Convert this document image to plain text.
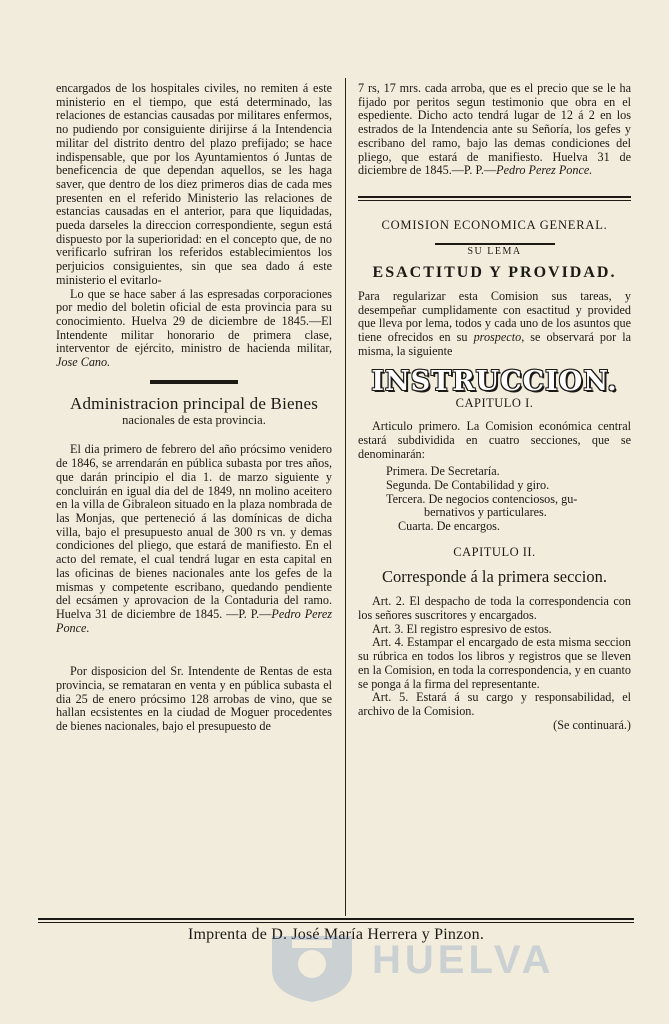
encargados de los hospitales civiles, no remiten á este ministerio en el tiempo, que está determinado, las relaciones de estancias causadas por militares enfermos, no pudiendo por consiguiente dirijirse á la Intendencia militar del distrito dentro del plazo prefijado; se hace indispensable, que por los Ayuntamientos ó Juntas de beneficencia de que dependan aquellos, se les haga saver, que dentro de los diez primeros dias de cada mes presenten en el referido Ministerio las relaciones de estancias causadas en el anterior, para que liquidadas, pueda darseles la direccion correspondiente, segun está dispuesto por la superioridad: en el concepto que, de no verificarlo sufriran los referidos establecimientos los perjuicios consiguientes, sin que sea dado á este ministerio el evitarlo-

Lo que se hace saber á las espresadas corporaciones por medio del boletin oficial de esta provincia para su conocimiento. Huelva 29 de diciembre de 1845.—El Intendente militar honorario de primera clase, interventor de ejército, ministro de hacienda militar, Jose Cano.

Administracion principal de Bienes

nacionales de esta provincia.

El dia primero de febrero del año prócsimo venidero de 1846, se arrendarán en pública subasta por tres años, que darán principio el dia 1. de marzo siguiente y concluirán en igual dia del de 1849, nn molino aceitero en la villa de Gibraleon situado en la plaza nombrada de las Monjas, que perteneció á las domínicas de dicha villa, bajo el presupuesto anual de 300 rs vn. y demas condiciones del pliego, que estará de manifiesto. En el acto del remate, el cual tendrá lugar en esta capital en las oficinas de bienes nacionales ante los gefes de la mismas y competente escribano, quedando pendiente del ecsámen y aprovacion de la Contaduria del ramo. Huelva 31 de diciembre de 1845. —P. P.—Pedro Perez Ponce.

Por disposicion del Sr. Intendente de Rentas de esta provincia, se remataran en venta y en pública subasta el dia 25 de enero prócsimo 128 arrobas de vino, que se hallan ecsistentes en la ciudad de Moguer procedentes de bienes nacionales, bajo el presupuesto de

7 rs, 17 mrs. cada arroba, que es el precio que se le ha fijado por peritos segun testimonio que obra en el espediente. Dicho acto tendrá lugar de 12 á 2 en los estrados de la Intendencia ante su Señoría, los gefes y escribano del ramo, bajo las demas condiciones del pliego, que estará de manifiesto. Huelva 31 de diciembre de 1845.—P. P.—Pedro Perez Ponce.

COMISION ECONOMICA GENERAL.

SU LEMA

ESACTITUD Y PROVIDAD.

Para regularizar esta Comision sus tareas, y desempeñar cumplidamente con esactitud y provided que lleva por lema, todos y cada uno de los asuntos que tiene ofrecidos en su prospecto, se observará por la misma, la siguiente

INSTRUCCION.

CAPITULO I.

Articulo primero. La Comision económica central estará subdividida en cuatro secciones, que se denominarán:

Primera. De Secretaría.

Segunda. De Contabilidad y giro.

Tercera. De negocios contenciosos, gu-

bernativos y particulares.

Cuarta. De encargos.

CAPITULO II.

Corresponde á la primera seccion.

Art. 2. El despacho de toda la correspondencia con los señores suscritores y encargados.

Art. 3. El registro espresivo de estos.

Art. 4. Estampar el encargado de esta misma seccion su rúbrica en todos los libros y registros que se lleven en la Comision, en toda la correspondencia, y en cuanto se ponga á la firma del representante.

Art. 5. Estará á su cargo y responsabilidad, el archivo de la Comision.

(Se continuará.)

Imprenta de D. José María Herrera y Pinzon.
HUELVA
